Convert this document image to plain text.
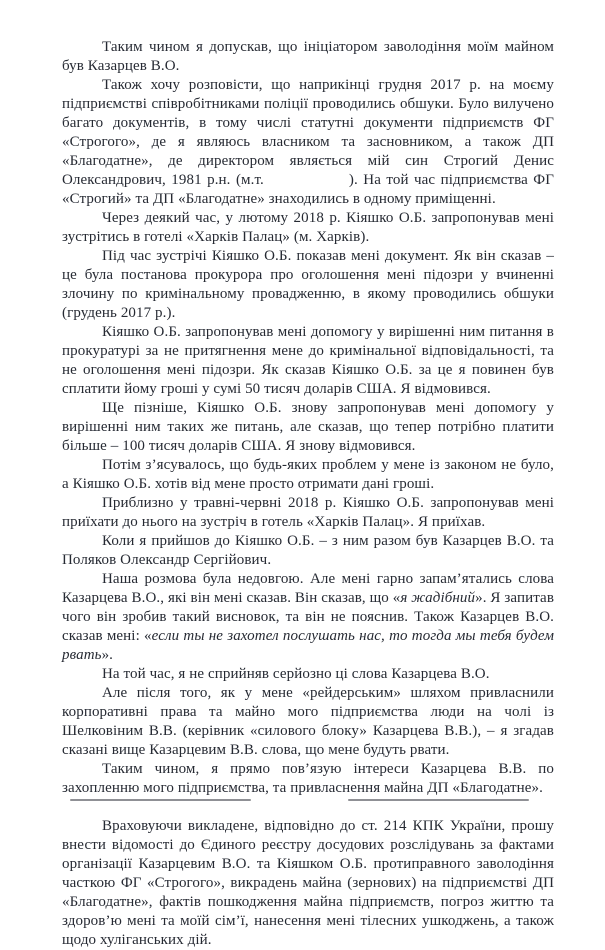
Таким чином я допускав, що ініціатором заволодіння моїм майном був Казарцев В.О.

Також хочу розповісти, що наприкінці грудня 2017 р. на моєму підприємстві співробітниками поліції проводились обшуки. Було вилучено багато документів, в тому числі статутні документи підприємств ФГ «Строгого», де я являюсь власником та засновником, а також ДП «Благодатне», де директором являється мій син Строгий Денис Олександрович, 1981 р.н. (м.т.	). На той час підприємства ФГ «Строгий» та ДП «Благодатне» знаходились в одному приміщенні.

Через деякий час, у лютому 2018 р. Кіяшко О.Б. запропонував мені зустрітись в готелі «Харків Палац» (м. Харків).

Під час зустрічі Кіяшко О.Б. показав мені документ. Як він сказав – це була постанова прокурора про оголошення мені підозри у вчиненні злочину по кримінальному провадженню, в якому проводились обшуки (грудень 2017 р.).

Кіяшко О.Б. запропонував мені допомогу у вирішенні ним питання в прокуратурі за не притягнення мене до кримінальної відповідальності, та не оголошення мені підозри. Як сказав Кіяшко О.Б. за це я повинен був сплатити йому гроші у сумі 50 тисяч доларів США. Я відмовився.

Ще пізніше, Кіяшко О.Б. знову запропонував мені допомогу у вирішенні ним таких же питань, але сказав, що тепер потрібно платити більше – 100 тисяч доларів США. Я знову відмовився.

Потім з’ясувалось, що будь-яких проблем у мене із законом не було, а Кіяшко О.Б. хотів від мене просто отримати дані гроші.

Приблизно у травні-червні 2018 р. Кіяшко О.Б. запропонував мені приїхати до нього на зустріч в готель «Харків Палац». Я приїхав.

Коли я прийшов до Кіяшко О.Б. – з ним разом був Казарцев В.О. та Поляков Олександр Сергійович.

Наша розмова була недовгою. Але мені гарно запам’ятались слова Казарцева В.О., які він мені сказав. Він сказав, що «я жадібний». Я запитав чого він зробив такий висновок, та він не пояснив. Також Казарцев В.О. сказав мені: «если ты не захотел послушать нас, то тогда мы тебя будем рвать».

На той час, я не сприйняв серйозно ці слова Казарцева В.О.

Але після того, як у мене «рейдерським» шляхом привласнили корпоративні права та майно мого підприємства люди на чолі із Шелковіним В.В. (керівник «силового блоку» Казарцева В.В.), – я згадав сказані вище Казарцевим В.В. слова, що мене будуть рвати.

Таким чином, я прямо пов’язую інтереси Казарцева В.В. по захопленню мого підприємства, та привласнення майна ДП «Благодатне».

Враховуючи викладене, відповідно до ст. 214 КПК України, прошу внести відомості до Єдиного реєстру досудових розслідувань за фактами організації Казарцевим В.О. та Кіяшком О.Б. протиправного заволодіння часткою ФГ «Строгого», викрадень майна (зернових) на підприємстві ДП «Благодатне», фактів пошкодження майна підприємств, погроз життю та здоров’ю мені та моїй сім’ї, нанесення мені тілесних ушкоджень, а також щодо хуліганських дій.
